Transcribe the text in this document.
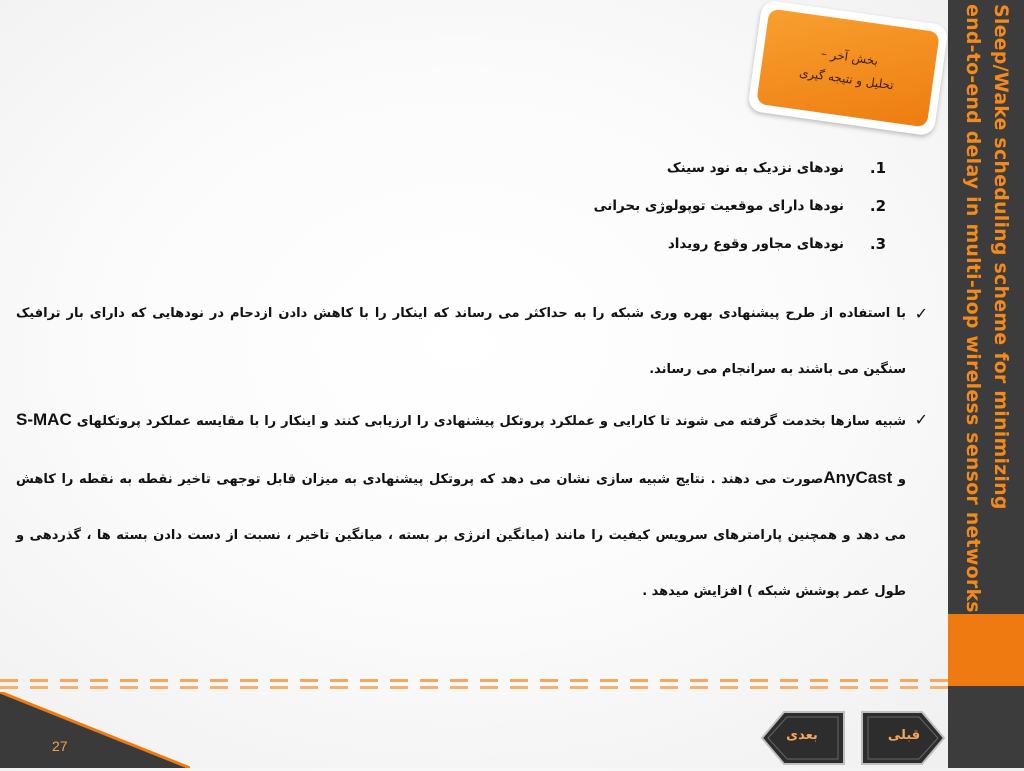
Sleep/Wake scheduling scheme for minimizing
end-to-end delay in multi-hop wireless sensor networks
بخش آخر –
تحلیل و نتیجه گیری
1.
نودهای نزدیک به نود سینک
2.
نودها دارای موقعیت توپولوژی بحرانی
3.
نودهای مجاور وقوع رویداد
✓
با استفاده از طرح پیشنهادی بهره وری شبکه را به حداکثر می رساند که اینکار را با کاهش دادن ازدحام در نودهایی که دارای بار ترافیک سنگین می باشند به سرانجام می رساند.
✓
شبیه سازها بخدمت گرفته می شوند تا کارایی و عملکرد پروتکل پیشنهادی را ارزیابی کنند و اینکار را با مقایسه عملکرد پروتکلهای S-MAC و AnyCastصورت می دهند . نتایج شبیه سازی نشان می دهد که پروتکل پیشنهادی به میزان قابل توجهی تاخیر نقطه به نقطه را کاهش می دهد و همچنین پارامترهای سرویس کیفیت را مانند (میانگین انرژی بر بسته ، میانگین تاخیر ، نسبت از دست دادن بسته ها ، گذردهی و طول عمر پوشش شبکه ) افزایش میدهد .
27
بعدی	قبلی
